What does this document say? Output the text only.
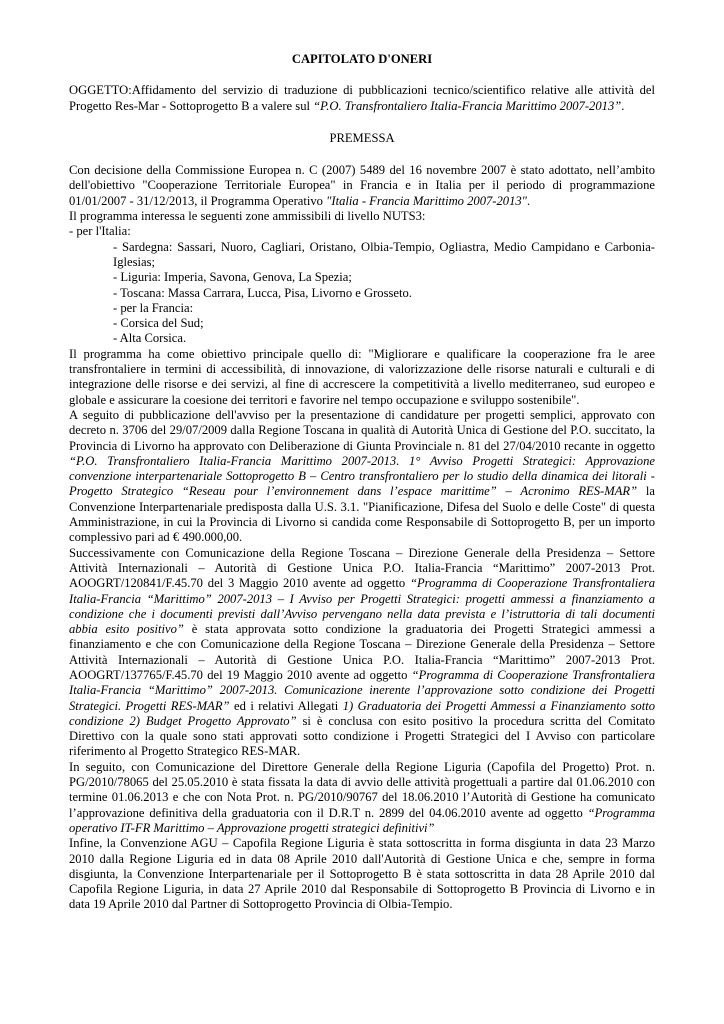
CAPITOLATO D'ONERI

OGGETTO:Affidamento del servizio di traduzione di pubblicazioni tecnico/scientifico relative alle attività del Progetto Res-Mar - Sottoprogetto B a valere sul “P.O. Transfrontaliero Italia-Francia Marittimo 2007-2013”.

PREMESSA

Con decisione della Commissione Europea n. C (2007) 5489 del 16 novembre 2007 è stato adottato, nell’ambito dell'obiettivo "Cooperazione Territoriale Europea" in Francia e in Italia per il periodo di programmazione 01/01/2007 - 31/12/2013, il Programma Operativo "Italia - Francia Marittimo 2007-2013".

Il programma interessa le seguenti zone ammissibili di livello NUTS3:

- per l'Italia:

- Sardegna: Sassari, Nuoro, Cagliari, Oristano, Olbia-Tempio, Ogliastra, Medio Campidano e Carbonia-Iglesias;
- Liguria: Imperia, Savona, Genova, La Spezia;
- Toscana: Massa Carrara, Lucca, Pisa, Livorno e Grosseto.
- per la Francia:
- Corsica del Sud;
- Alta Corsica.

Il programma ha come obiettivo principale quello di: "Migliorare e qualificare la cooperazione fra le aree transfrontaliere in termini di accessibilità, di innovazione, di valorizzazione delle risorse naturali e culturali e di integrazione delle risorse e dei servizi, al fine di accrescere la competitività a livello mediterraneo, sud europeo e globale e assicurare la coesione dei territori e favorire nel tempo occupazione e sviluppo sostenibile".

A seguito di pubblicazione dell'avviso per la presentazione di candidature per progetti semplici, approvato con decreto n. 3706 del 29/07/2009 dalla Regione Toscana in qualità di Autorità Unica di Gestione del P.O. succitato, la Provincia di Livorno ha approvato con Deliberazione di Giunta Provinciale n. 81 del 27/04/2010 recante in oggetto “P.O. Transfrontaliero Italia-Francia Marittimo 2007-2013. 1° Avviso Progetti Strategici: Approvazione convenzione interpartenariale Sottoprogetto B – Centro transfrontaliero per lo studio della dinamica dei litorali - Progetto Strategico “Reseau pour l’environnement dans l’espace marittime” – Acronimo RES-MAR” la Convenzione Interpartenariale predisposta dalla U.S. 3.1. "Pianificazione, Difesa del Suolo e delle Coste" di questa Amministrazione, in cui la Provincia di Livorno si candida come Responsabile di Sottoprogetto B, per un importo complessivo pari ad € 490.000,00.

Successivamente con Comunicazione della Regione Toscana – Direzione Generale della Presidenza – Settore Attività Internazionali – Autorità di Gestione Unica P.O. Italia-Francia “Marittimo” 2007-2013 Prot. AOOGRT/120841/F.45.70 del 3 Maggio 2010 avente ad oggetto “Programma di Cooperazione Transfrontaliera Italia-Francia “Marittimo” 2007-2013 – I Avviso per Progetti Strategici: progetti ammessi a finanziamento a condizione che i documenti previsti dall’Avviso pervengano nella data prevista e l’istruttoria di tali documenti abbia esito positivo” è stata approvata sotto condizione la graduatoria dei Progetti Strategici ammessi a finanziamento e che con Comunicazione della Regione Toscana – Direzione Generale della Presidenza – Settore Attività Internazionali – Autorità di Gestione Unica P.O. Italia-Francia “Marittimo” 2007-2013 Prot. AOOGRT/137765/F.45.70 del 19 Maggio 2010 avente ad oggetto “Programma di Cooperazione Transfrontaliera Italia-Francia “Marittimo” 2007-2013. Comunicazione inerente l’approvazione sotto condizione dei Progetti Strategici. Progetti RES-MAR” ed i relativi Allegati 1) Graduatoria dei Progetti Ammessi a Finanziamento sotto condizione 2) Budget Progetto Approvato” si è conclusa con esito positivo la procedura scritta del Comitato Direttivo con la quale sono stati approvati sotto condizione i Progetti Strategici del I Avviso con particolare riferimento al Progetto Strategico RES-MAR.

In seguito, con Comunicazione del Direttore Generale della Regione Liguria (Capofila del Progetto) Prot. n. PG/2010/78065 del 25.05.2010 è stata fissata la data di avvio delle attività progettuali a partire dal 01.06.2010 con termine 01.06.2013 e che con Nota Prot. n. PG/2010/90767 del 18.06.2010 l’Autorità di Gestione ha comunicato l’approvazione definitiva della graduatoria con il D.R.T n. 2899 del 04.06.2010 avente ad oggetto “Programma operativo IT-FR Marittimo – Approvazione progetti strategici definitivi”

Infine, la Convenzione AGU – Capofila Regione Liguria è stata sottoscritta in forma disgiunta in data 23 Marzo 2010 dalla Regione Liguria ed in data 08 Aprile 2010 dall'Autorità di Gestione Unica e che, sempre in forma disgiunta, la Convenzione Interpartenariale per il Sottoprogetto B è stata sottoscritta in data 28 Aprile 2010 dal Capofila Regione Liguria, in data 27 Aprile 2010 dal Responsabile di Sottoprogetto B Provincia di Livorno e in data 19 Aprile 2010 dal Partner di Sottoprogetto Provincia di Olbia-Tempio.
